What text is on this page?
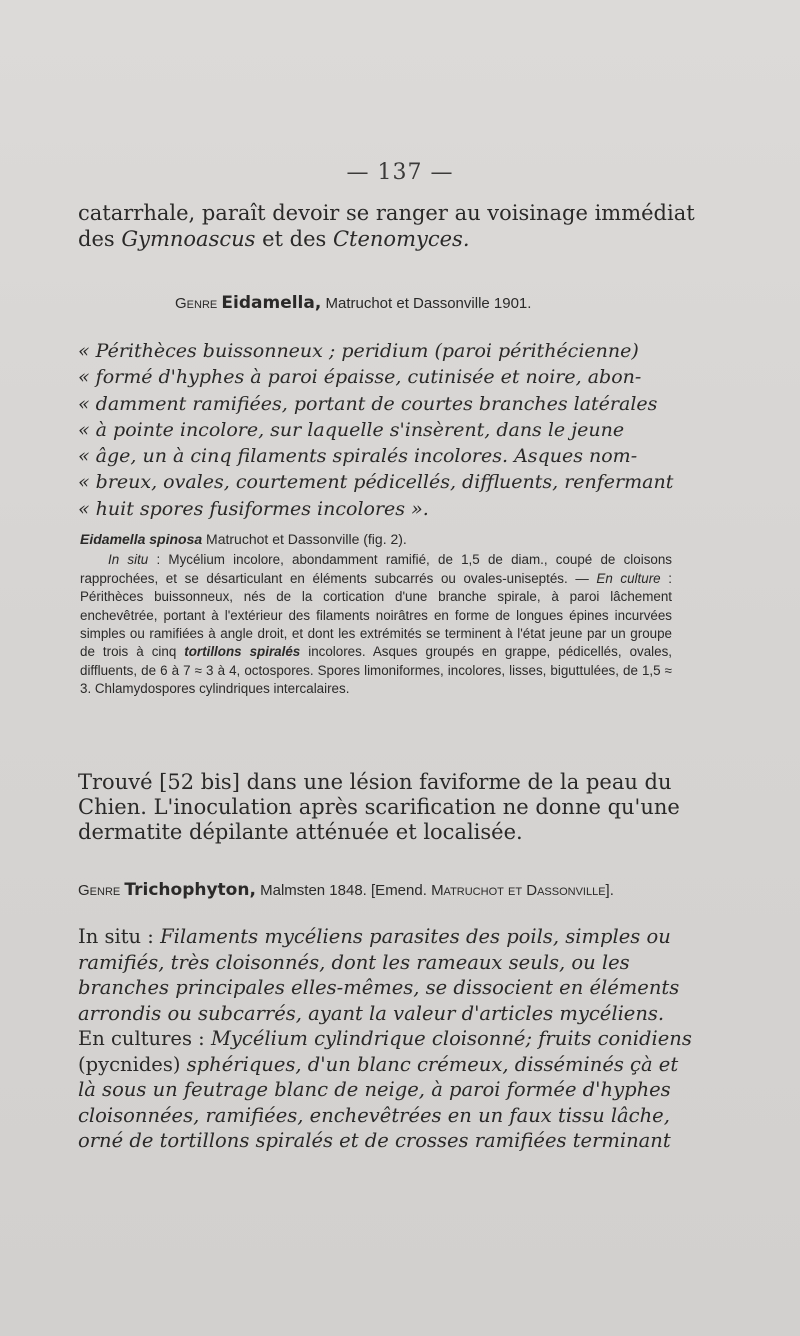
— 137 —
catarrhale, paraît devoir se ranger au voisinage immédiat
des Gymnoascus et des Ctenomyces.
Genre Eidamella, Matruchot et Dassonville 1901.
« Périthèces buissonneux ; peridium (paroi périthécienne)
« formé d'hyphes à paroi épaisse, cutinisée et noire, abon-
« damment ramifiées, portant de courtes branches latérales
« à pointe incolore, sur laquelle s'insèrent, dans le jeune
« âge, un à cinq filaments spiralés incolores. Asques nom-
« breux, ovales, courtement pédicellés, diffluents, renfermant
« huit spores fusiformes incolores ».
Eidamella spinosa Matruchot et Dassonville (fig. 2).
In situ : Mycélium incolore, abondamment ramifié, de 1,5 de diam., coupé de cloisons rapprochées, et se désarticulant en éléments subcarrés ou ovales-uniseptés. — En culture : Périthèces buissonneux, nés de la cortication d'une branche spirale, à paroi lâchement enchevêtrée, portant à l'extérieur des filaments noirâtres en forme de longues épines incurvées simples ou ramifiées à angle droit, et dont les extrémités se terminent à l'état jeune par un groupe de trois à cinq tortillons spiralés incolores. Asques groupés en grappe, pédicellés, ovales, diffluents, de 6 à 7 ≈ 3 à 4, octospores. Spores limoniformes, incolores, lisses, biguttulées, de 1,5 ≈ 3. Chlamydospores cylindriques intercalaires.
Trouvé [52 bis] dans une lésion faviforme de la peau du
Chien. L'inoculation après scarification ne donne qu'une
dermatite dépilante atténuée et localisée.
Genre Trichophyton, Malmsten 1848. [Emend. Matruchot et Dassonville].
In situ : Filaments mycéliens parasites des poils, simples ou
ramifiés, très cloisonnés, dont les rameaux seuls, ou les
branches principales elles-mêmes, se dissocient en éléments
arrondis ou subcarrés, ayant la valeur d'articles mycéliens.
En cultures : Mycélium cylindrique cloisonné; fruits conidiens
(pycnides) sphériques, d'un blanc crémeux, disséminés çà et
là sous un feutrage blanc de neige, à paroi formée d'hyphes
cloisonnées, ramifiées, enchevêtrées en un faux tissu lâche,
orné de tortillons spiralés et de crosses ramifiées terminant
